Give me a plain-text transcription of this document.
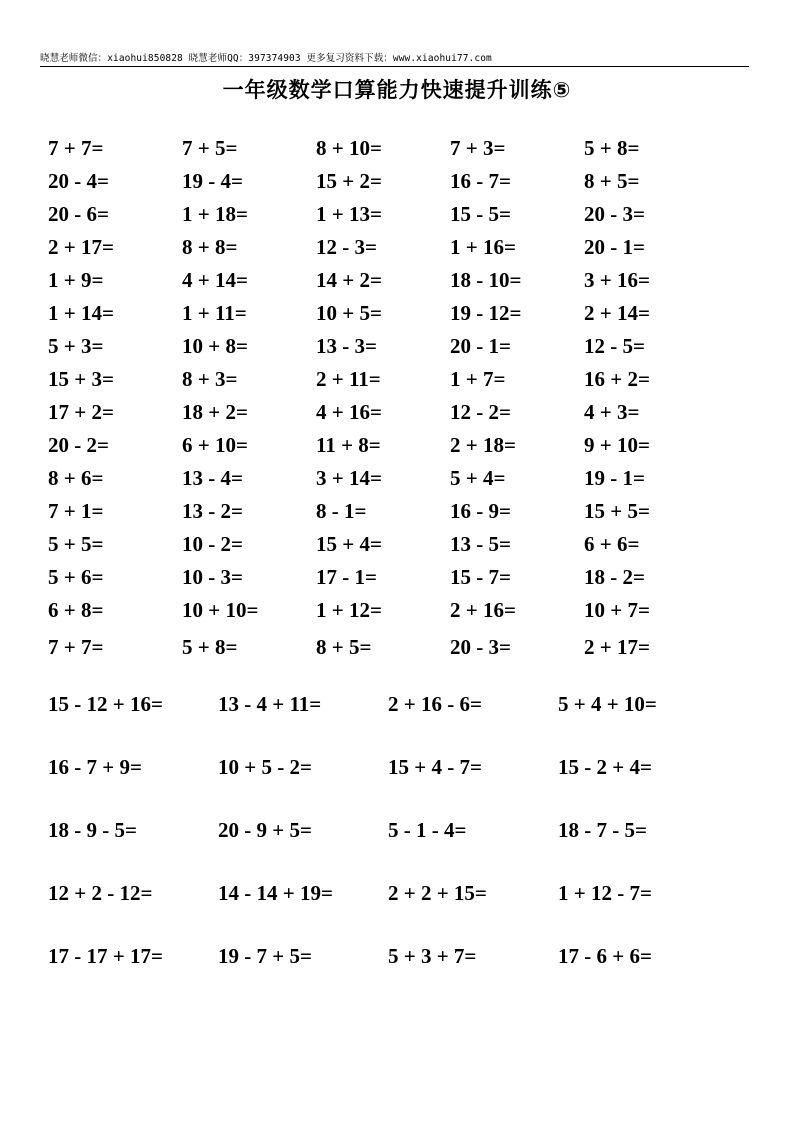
晓慧老师微信：xiaohui850828 晓慧老师QQ：397374903 更多复习资料下载：www.xiaohui77.com
一年级数学口算能力快速提升训练⑤
7 + 7=	7 + 5=	8 + 10=	7 + 3=	5 + 8=
20 - 4=	19 - 4=	15 + 2=	16 - 7=	8 + 5=
20 - 6=	1 + 18=	1 + 13=	15 - 5=	20 - 3=
2 + 17=	8 + 8=	12 - 3=	1 + 16=	20 - 1=
1 + 9=	4 + 14=	14 + 2=	18 - 10=	3 + 16=
1 + 14=	1 + 11=	10 + 5=	19 - 12=	2 + 14=
5 + 3=	10 + 8=	13 - 3=	20 - 1=	12 - 5=
15 + 3=	8 + 3=	2 + 11=	1 + 7=	16 + 2=
17 + 2=	18 + 2=	4 + 16=	12 - 2=	4 + 3=
20 - 2=	6 + 10=	11 + 8=	2 + 18=	9 + 10=
8 + 6=	13 - 4=	3 + 14=	5 + 4=	19 - 1=
7 + 1=	13 - 2=	8 - 1=	16 - 9=	15 + 5=
5 + 5=	10 - 2=	15 + 4=	13 - 5=	6 + 6=
5 + 6=	10 - 3=	17 - 1=	15 - 7=	18 - 2=
6 + 8=	10 + 10=	1 + 12=	2 + 16=	10 + 7=
7 + 7=	5 + 8=	8 + 5=	20 - 3=	2 + 17=
15 - 12 + 16=	13 - 4 + 11=	2 + 16 - 6=	5 + 4 + 10=
16 - 7 + 9=	10 + 5 - 2=	15 + 4 - 7=	15 - 2 + 4=
18 - 9 - 5=	20 - 9 + 5=	5 - 1 - 4=	18 - 7 - 5=
12 + 2 - 12=	14 - 14 + 19=	2 + 2 + 15=	1 + 12 - 7=
17 - 17 + 17=	19 - 7 + 5=	5 + 3 + 7=	17 - 6 + 6=
